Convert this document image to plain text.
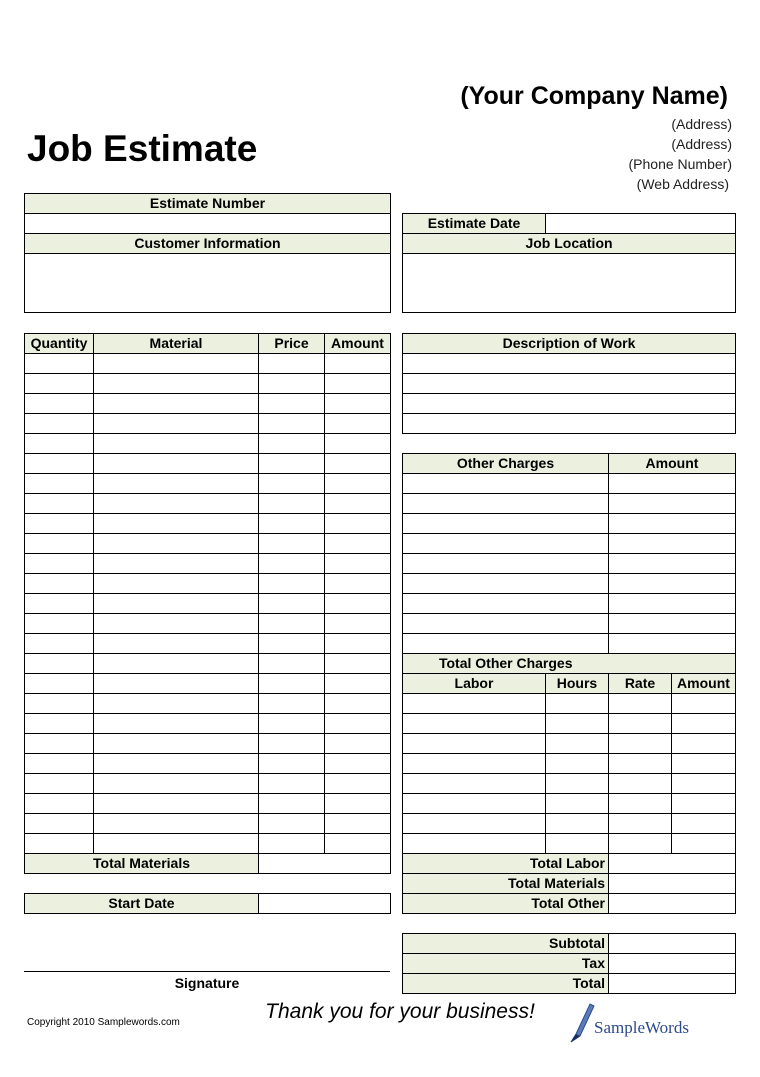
(Your Company Name)
(Address)
(Address)
(Phone Number)
(Web Address)
Job Estimate
Estimate Number

Customer Information

Estimate Date	
Job Location

Quantity	Material	Price	Amount

Total Materials			
Start Date	
Description of Work

Other Charges	Amount

Total Other Charges	
Labor	Hours	Rate	Amount

Total Labor	
Total Materials	
Total Other	
Subtotal	
Tax	
Total	
Signature
Copyright 2010 Samplewords.com	Thank you for your business!
SampleWords
